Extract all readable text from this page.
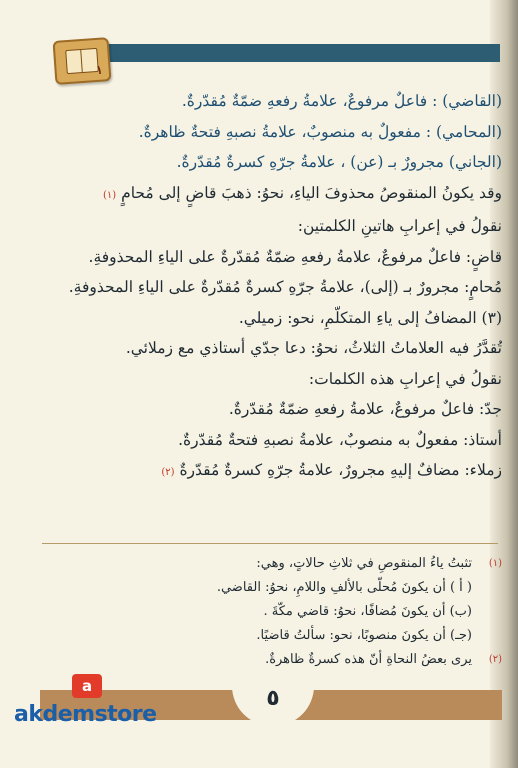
١
(القاضي) : فاعلٌ مرفوعٌ، علامةُ رفعهِ ضمّةٌ مُقدّرةٌ.
(المحامي) : مفعولٌ به منصوبٌ، علامةُ نصبهِ فتحةٌ ظاهرةٌ.
(الجاني) مجرورٌ بـ (عن) ، علامةُ جرّهِ كسرةٌ مُقدّرةٌ.
وقد يكونُ المنقوصُ محذوفَ الياءِ، نحوُ: ذهبَ قاضٍ إلى مُحامٍ (١)
نقولُ في إعرابِ هاتينِ الكلمتين:
قاضٍ: فاعلٌ مرفوعٌ، علامةُ رفعهِ ضمّةٌ مُقدّرةٌ على الياءِ المحذوفةِ.
مُحامٍ: مجرورٌ بـ (إلى)، علامةُ جرّهِ كسرةٌ مُقدّرةٌ على الياءِ المحذوفةِ.
(٣) المضافُ إلى ياءِ المتكلّمِ، نحو: زميلي.
تُقدَّرُ فيه العلاماتُ الثلاثُ، نحوُ: دعا جدّي أستاذي مع زملائي.
نقولُ في إعرابِ هذه الكلمات:
جدّ: فاعلٌ مرفوعٌ، علامةُ رفعهِ ضمّةٌ مُقدّرةٌ.
أستاذ: مفعولٌ به منصوبٌ، علامةُ نصبهِ فتحةٌ مُقدّرةٌ.
زملاء: مضافٌ إليهِ مجرورٌ، علامةُ جرّهِ كسرةٌ مُقدّرةٌ (٢)
(١)
تثبتُ ياءُ المنقوصِ في ثلاثِ حالاتٍ، وهي:
( أ ) أن يكونَ مُحلّى بالألفِ واللامِ، نحوُ: القاضي.
(ب) أن يكونَ مُضافًا، نحوُ: قاضي مكّةَ .
(جـ) أن يكونَ منصوبًا، نحو: سألتُ قاضيًا.
(٢)
يرى بعضُ النحاةِ أنّ هذه كسرةٌ ظاهرةٌ.
٥
a
akdemstore
